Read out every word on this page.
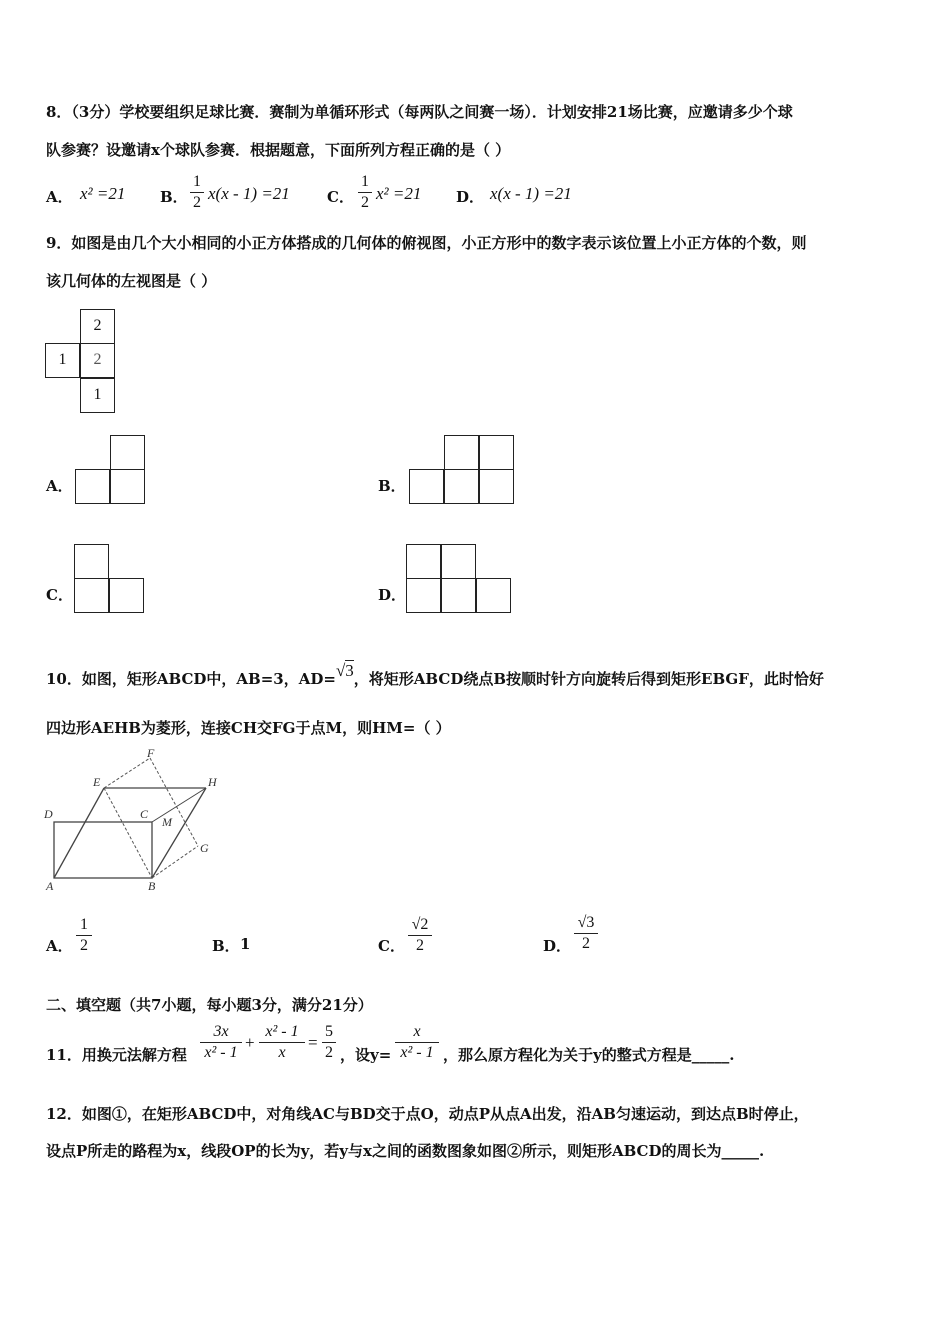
8．（3分）学校要组织足球比赛．赛制为单循环形式（每两队之间赛一场）．计划安排21场比赛，应邀请多少个球
队参赛？设邀请x个球队参赛．根据题意，下面所列方程正确的是（ ）
A． x² =21 B．
1
2 x(x - 1) =21 C．
1
2 x² =21 D． x(x - 1) =21
9．如图是由几个大小相同的小正方体搭成的几何体的俯视图，小正方形中的数字表示该位置上小正方体的个数，则
该几何体的左视图是（ ）
2
1	2
1
A．	B．
C．	D．
10．如图，矩形ABCD中，AB=3，AD=√3，将矩形ABCD绕点B按顺时针方向旋转后得到矩形EBGF，此时恰好
四边形AEHB为菱形，连接CH交FG于点M，则HM=（ ）
F
E	H
D	C
M
G
A	B
A．
1
2	B． 1	C．
√2
2	D．
√3
2
二、填空题（共7小题，每小题3分，满分21分）
11．用换元法解方程
3x
x² - 1
+
x² - 1
x
=
5
2 ，设y=
x
x² - 1 ，那么原方程化为关于y的整式方程是_____.
12．如图①，在矩形ABCD中，对角线AC与BD交于点O，动点P从点A出发，沿AB匀速运动，到达点B时停止，
设点P所走的路程为x，线段OP的长为y，若y与x之间的函数图象如图②所示，则矩形ABCD的周长为_____.
